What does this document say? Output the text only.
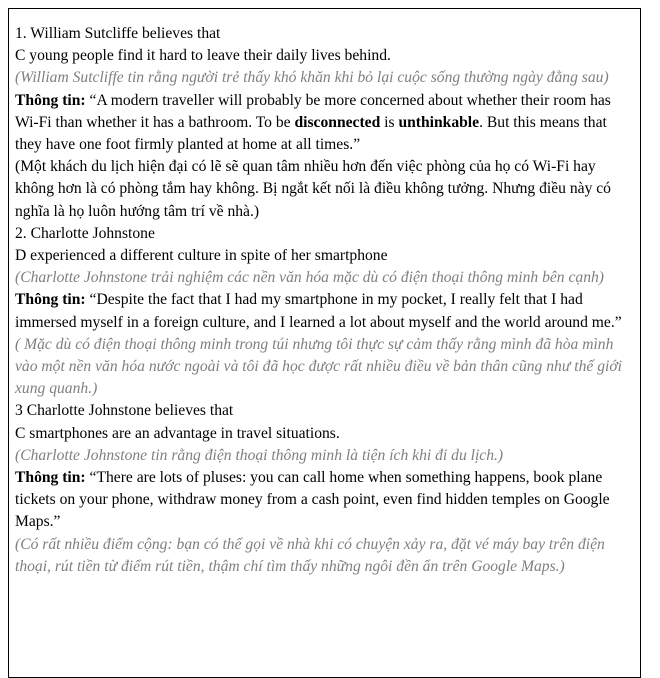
1. William Sutcliffe believes that

C young people find it hard to leave their daily lives behind.

(William Sutcliffe tin rằng người trẻ thấy khó khăn khi bỏ lại cuộc sống thường ngày đằng sau)

Thông tin: “A modern traveller will probably be more concerned about whether their room has Wi-Fi than whether it has a bathroom. To be disconnected is unthinkable. But this means that they have one foot firmly planted at home at all times.”

(Một khách du lịch hiện đại có lẽ sẽ quan tâm nhiều hơn đến việc phòng của họ có Wi-Fi hay không hơn là có phòng tắm hay không. Bị ngắt kết nối là điều không tưởng. Nhưng điều này có nghĩa là họ luôn hướng tâm trí về nhà.)

2. Charlotte Johnstone

D experienced a different culture in spite of her smartphone

(Charlotte Johnstone trải nghiệm các nền văn hóa mặc dù có điện thoại thông minh bên cạnh)

Thông tin: “Despite the fact that I had my smartphone in my pocket, I really felt that I had immersed myself in a foreign culture, and I learned a lot about myself and the world around me.”

( Mặc dù có điện thoại thông minh trong túi nhưng tôi thực sự cảm thấy rằng mình đã hòa mình vào một nền văn hóa nước ngoài và tôi đã học được rất nhiều điều về bản thân cũng như thế giới xung quanh.)

3 Charlotte Johnstone believes that

C smartphones are an advantage in travel situations.

(Charlotte Johnstone tin rằng điện thoại thông minh là tiện ích khi đi du lịch.)

Thông tin: “There are lots of pluses: you can call home when something happens, book plane tickets on your phone, withdraw money from a cash point, even find hidden temples on Google Maps.”

(Có rất nhiều điểm cộng: bạn có thể gọi về nhà khi có chuyện xảy ra, đặt vé máy bay trên điện thoại, rút tiền từ điểm rút tiền, thậm chí tìm thấy những ngôi đền ẩn trên Google Maps.)
